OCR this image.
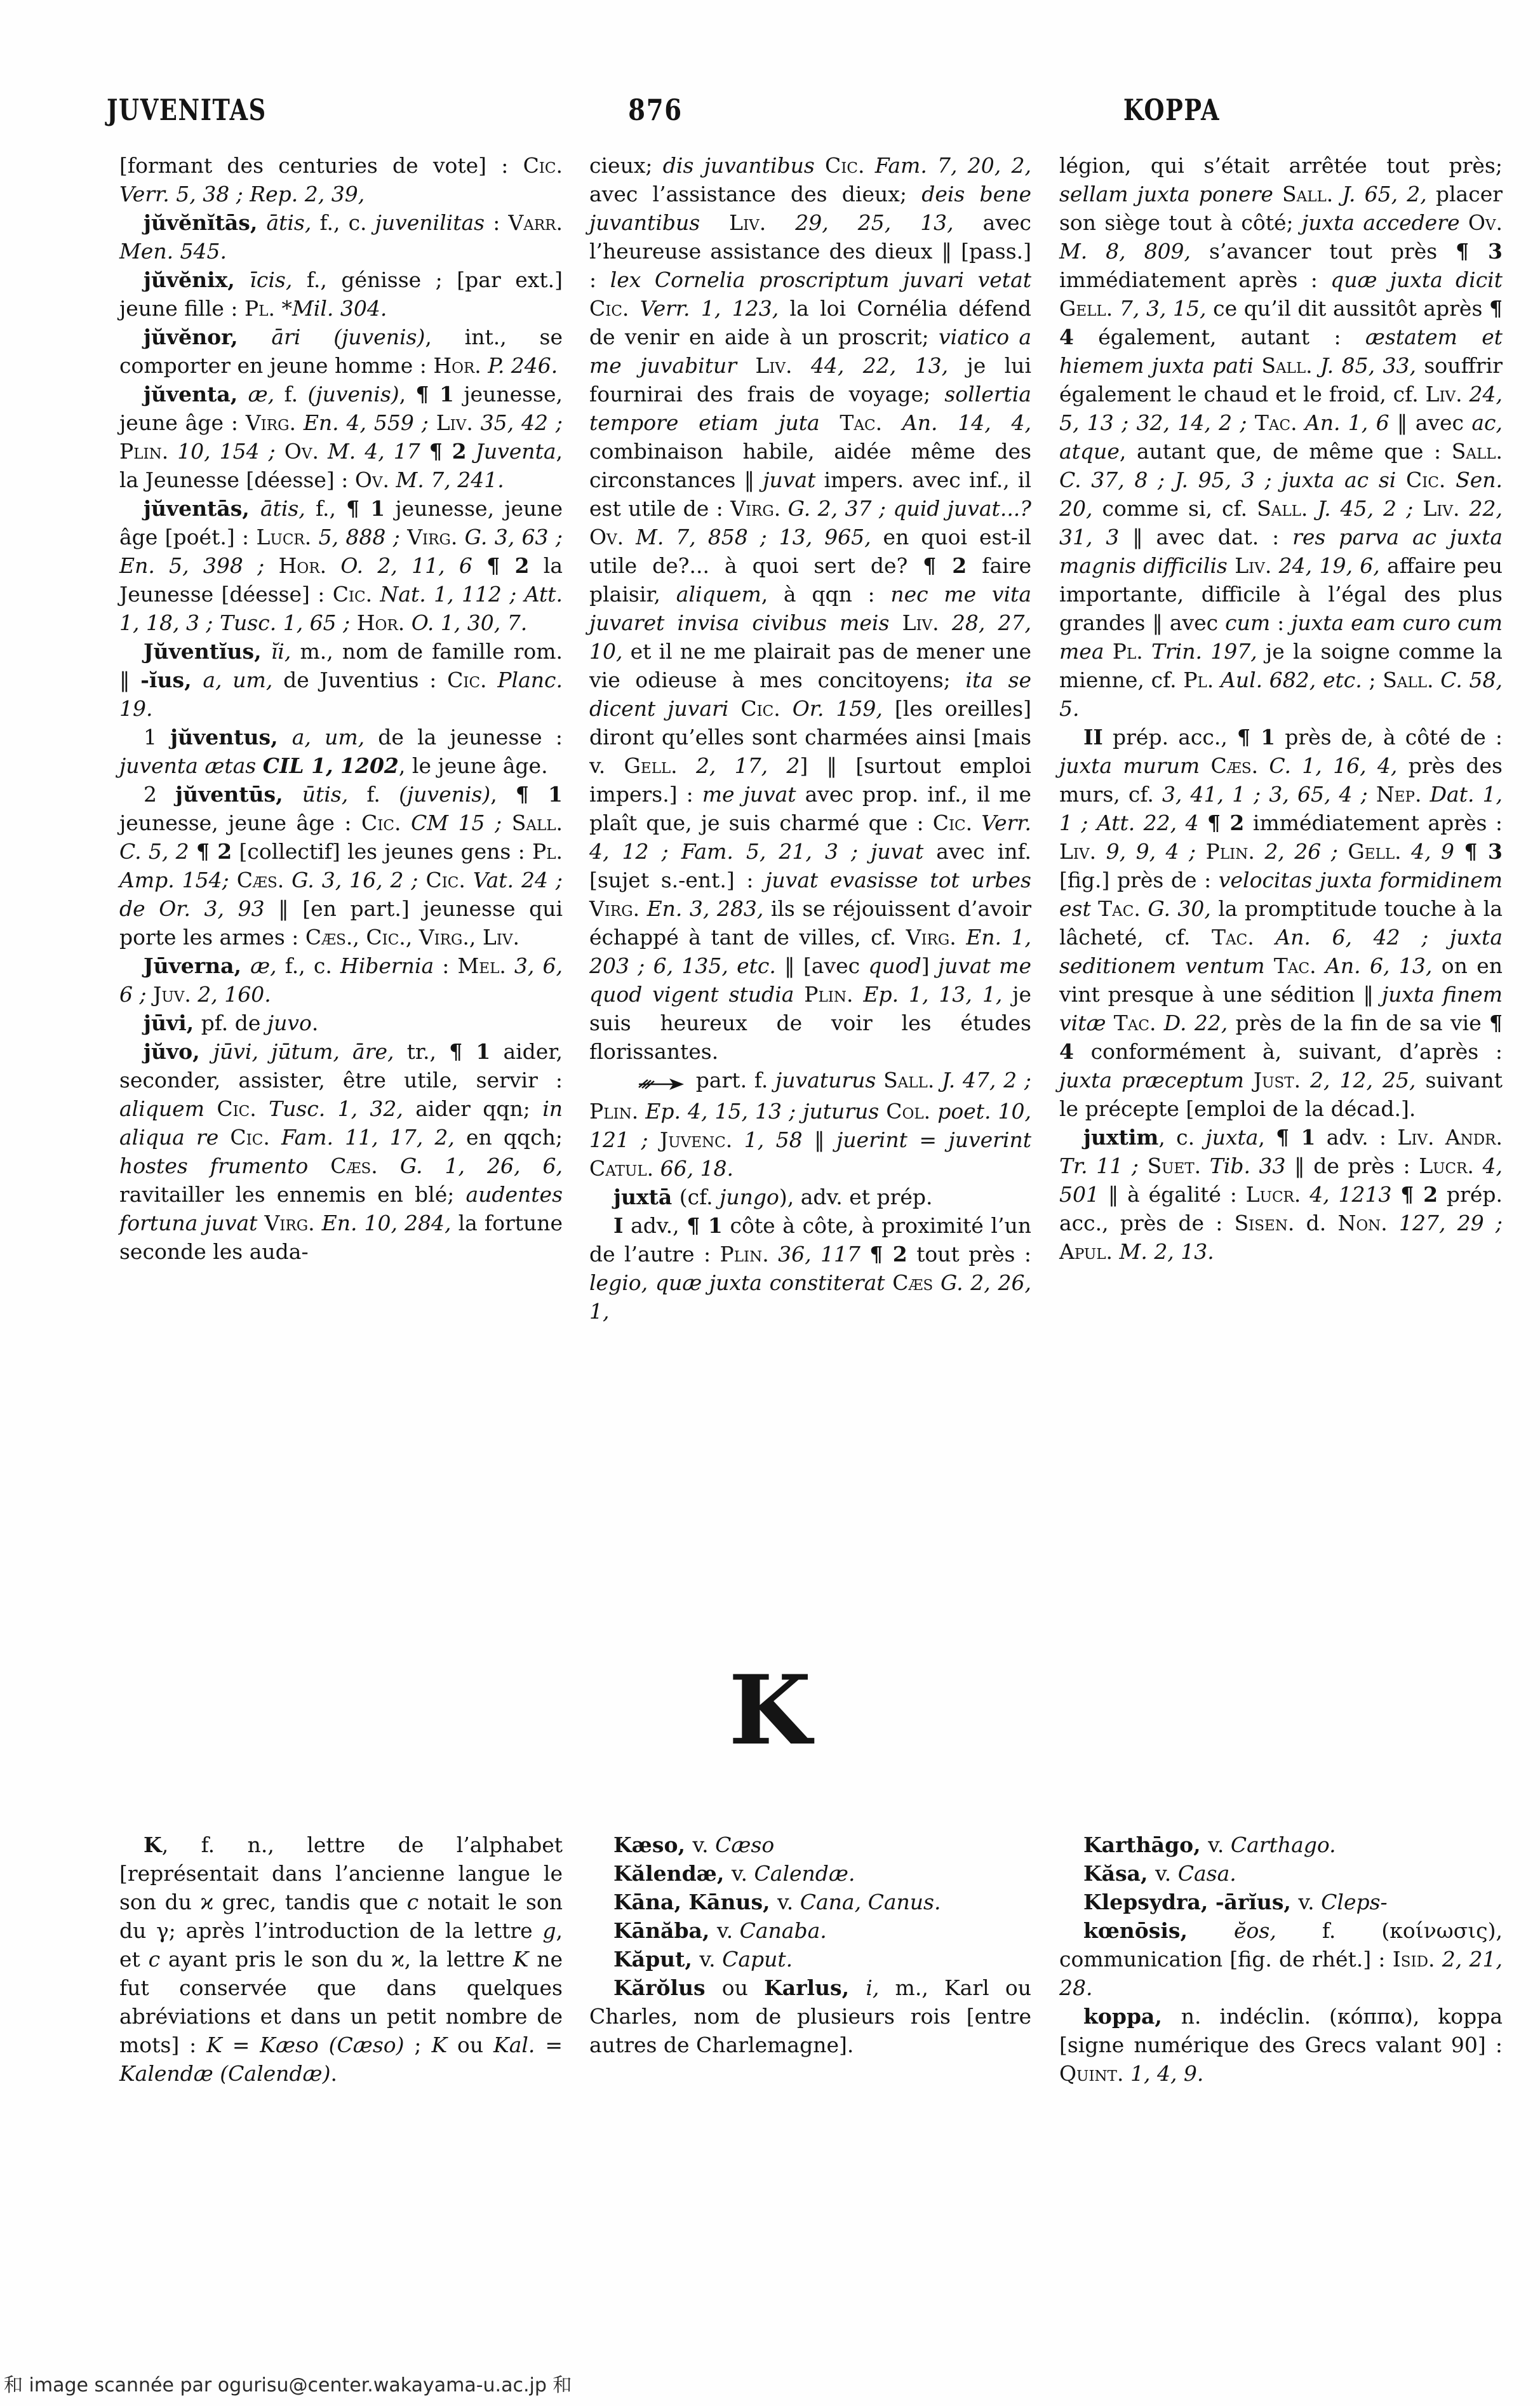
JUVENITAS	876	KOPPA

[formant des centuries de vote] : Cic. Verr. 5, 38 ; Rep. 2, 39,

jŭvĕnĭtās, ātis, f., c. juvenilitas : Varr. Men. 545.

jŭvĕnix, īcis, f., génisse ; [par ext.] jeune fille : Pl. *Mil. 304.

jŭvĕnor, āri (juvenis), int., se comporter en jeune homme : Hor. P. 246.

jŭventa, æ, f. (juvenis), ¶ 1 jeunesse, jeune âge : Virg. En. 4, 559 ; Liv. 35, 42 ; Plin. 10, 154 ; Ov. M. 4, 17 ¶ 2 Juventa, la Jeunesse [déesse] : Ov. M. 7, 241.

jŭventās, ātis, f., ¶ 1 jeunesse, jeune âge [poét.] : Lucr. 5, 888 ; Virg. G. 3, 63 ; En. 5, 398 ; Hor. O. 2, 11, 6 ¶ 2 la Jeunesse [déesse] : Cic. Nat. 1, 112 ; Att. 1, 18, 3 ; Tusc. 1, 65 ; Hor. O. 1, 30, 7.

Jŭventĭus, ĭi, m., nom de famille rom. ‖ -ĭus, a, um, de Juventius : Cic. Planc. 19.

1 jŭventus, a, um, de la jeunesse : juventa ætas CIL 1, 1202, le jeune âge.

2 jŭventūs, ūtis, f. (juvenis), ¶ 1 jeunesse, jeune âge : Cic. CM 15 ; Sall. C. 5, 2 ¶ 2 [collectif] les jeunes gens : Pl. Amp. 154; Cæs. G. 3, 16, 2 ; Cic. Vat. 24 ; de Or. 3, 93 ‖ [en part.] jeunesse qui porte les armes : Cæs., Cic., Virg., Liv.

Jūverna, æ, f., c. Hibernia : Mel. 3, 6, 6 ; Juv. 2, 160.

jūvi, pf. de juvo.

jŭvo, jūvi, jūtum, āre, tr., ¶ 1 aider, seconder, assister, être utile, servir : aliquem Cic. Tusc. 1, 32, aider qqn; in aliqua re Cic. Fam. 11, 17, 2, en qqch; hostes frumento Cæs. G. 1, 26, 6, ravitailler les ennemis en blé; audentes fortuna juvat Virg. En. 10, 284, la fortune seconde les auda-

cieux; dis juvantibus Cic. Fam. 7, 20, 2, avec l’assistance des dieux; deis bene juvantibus Liv. 29, 25, 13, avec l’heureuse assistance des dieux ‖ [pass.] : lex Cornelia proscriptum juvari vetat Cic. Verr. 1, 123, la loi Cornélia défend de venir en aide à un proscrit; viatico a me juvabitur Liv. 44, 22, 13, je lui fournirai des frais de voyage; sollertia tempore etiam juta Tac. An. 14, 4, combinaison habile, aidée même des circonstances ‖ juvat impers. avec inf., il est utile de : Virg. G. 2, 37 ; quid juvat...? Ov. M. 7, 858 ; 13, 965, en quoi est-il utile de?... à quoi sert de? ¶ 2 faire plaisir, aliquem, à qqn : nec me vita juvaret invisa civibus meis Liv. 28, 27, 10, et il ne me plairait pas de mener une vie odieuse à mes concitoyens; ita se dicent juvari Cic. Or. 159, [les oreilles] diront qu’elles sont charmées ainsi [mais v. Gell. 2, 17, 2] ‖ [surtout emploi impers.] : me juvat avec prop. inf., il me plaît que, je suis charmé que : Cic. Verr. 4, 12 ; Fam. 5, 21, 3 ; juvat avec inf. [sujet s.-ent.] : juvat evasisse tot urbes Virg. En. 3, 283, ils se réjouissent d’avoir échappé à tant de villes, cf. Virg. En. 1, 203 ; 6, 135, etc. ‖ [avec quod] juvat me quod vigent studia Plin. Ep. 1, 13, 1, je suis heureux de voir les études florissantes.

part. f. juvaturus Sall. J. 47, 2 ; Plin. Ep. 4, 15, 13 ; juturus Col. poet. 10, 121 ; Juvenc. 1, 58 ‖ juerint = juverint Catul. 66, 18.

juxtā (cf. jungo), adv. et prép.

I adv., ¶ 1 côte à côte, à proximité l’un de l’autre : Plin. 36, 117 ¶ 2 tout près : legio, quæ juxta constiterat Cæs G. 2, 26, 1,

légion, qui s’était arrêtée tout près; sellam juxta ponere Sall. J. 65, 2, placer son siège tout à côté; juxta accedere Ov. M. 8, 809, s’avancer tout près ¶ 3 immédiatement après : quæ juxta dicit Gell. 7, 3, 15, ce qu’il dit aussitôt après ¶ 4 également, autant : æstatem et hiemem juxta pati Sall. J. 85, 33, souffrir également le chaud et le froid, cf. Liv. 24, 5, 13 ; 32, 14, 2 ; Tac. An. 1, 6 ‖ avec ac, atque, autant que, de même que : Sall. C. 37, 8 ; J. 95, 3 ; juxta ac si Cic. Sen. 20, comme si, cf. Sall. J. 45, 2 ; Liv. 22, 31, 3 ‖ avec dat. : res parva ac juxta magnis difficilis Liv. 24, 19, 6, affaire peu importante, difficile à l’égal des plus grandes ‖ avec cum : juxta eam curo cum mea Pl. Trin. 197, je la soigne comme la mienne, cf. Pl. Aul. 682, etc. ; Sall. C. 58, 5.

II prép. acc., ¶ 1 près de, à côté de : juxta murum Cæs. C. 1, 16, 4, près des murs, cf. 3, 41, 1 ; 3, 65, 4 ; Nep. Dat. 1, 1 ; Att. 22, 4 ¶ 2 immédiatement après : Liv. 9, 9, 4 ; Plin. 2, 26 ; Gell. 4, 9 ¶ 3 [fig.] près de : velocitas juxta formidinem est Tac. G. 30, la promptitude touche à la lâcheté, cf. Tac. An. 6, 42 ; juxta seditionem ventum Tac. An. 6, 13, on en vint presque à une sédition ‖ juxta finem vitæ Tac. D. 22, près de la fin de sa vie ¶ 4 conformément à, suivant, d’après : juxta præceptum Just. 2, 12, 25, suivant le précepte [emploi de la décad.].

juxtim, c. juxta, ¶ 1 adv. : Liv. Andr. Tr. 11 ; Suet. Tib. 33 ‖ de près : Lucr. 4, 501 ‖ à égalité : Lucr. 4, 1213 ¶ 2 prép. acc., près de : Sisen. d. Non. 127, 29 ; Apul. M. 2, 13.

K

K, f. n., lettre de l’alphabet [représentait dans l’ancienne langue le son du ϰ grec, tandis que c notait le son du γ; après l’introduction de la lettre g, et c ayant pris le son du ϰ, la lettre K ne fut conservée que dans quelques abréviations et dans un petit nombre de mots] : K = Kæso (Cæso) ; K ou Kal. = Kalendæ (Calendæ).

Kæso, v. Cæso

Kălendæ, v. Calendæ.

Kāna, Kānus, v. Cana, Canus.

Kānăba, v. Canaba.

Kăput, v. Caput.

Kărŏlus ou Karlus, i, m., Karl ou Charles, nom de plusieurs rois [entre autres de Charlemagne].

Karthāgo, v. Carthago.

Kăsa, v. Casa.

Klepsydra, -ārĭus, v. Cleps-

kœnōsis, ĕos, f. (κοίνωσις), communication [fig. de rhét.] : Isid. 2, 21, 28.

koppa, n. indéclin. (κόππα), koppa [signe numérique des Grecs valant 90] : Quint. 1, 4, 9.

和 image scannée par ogurisu@center.wakayama-u.ac.jp 和
